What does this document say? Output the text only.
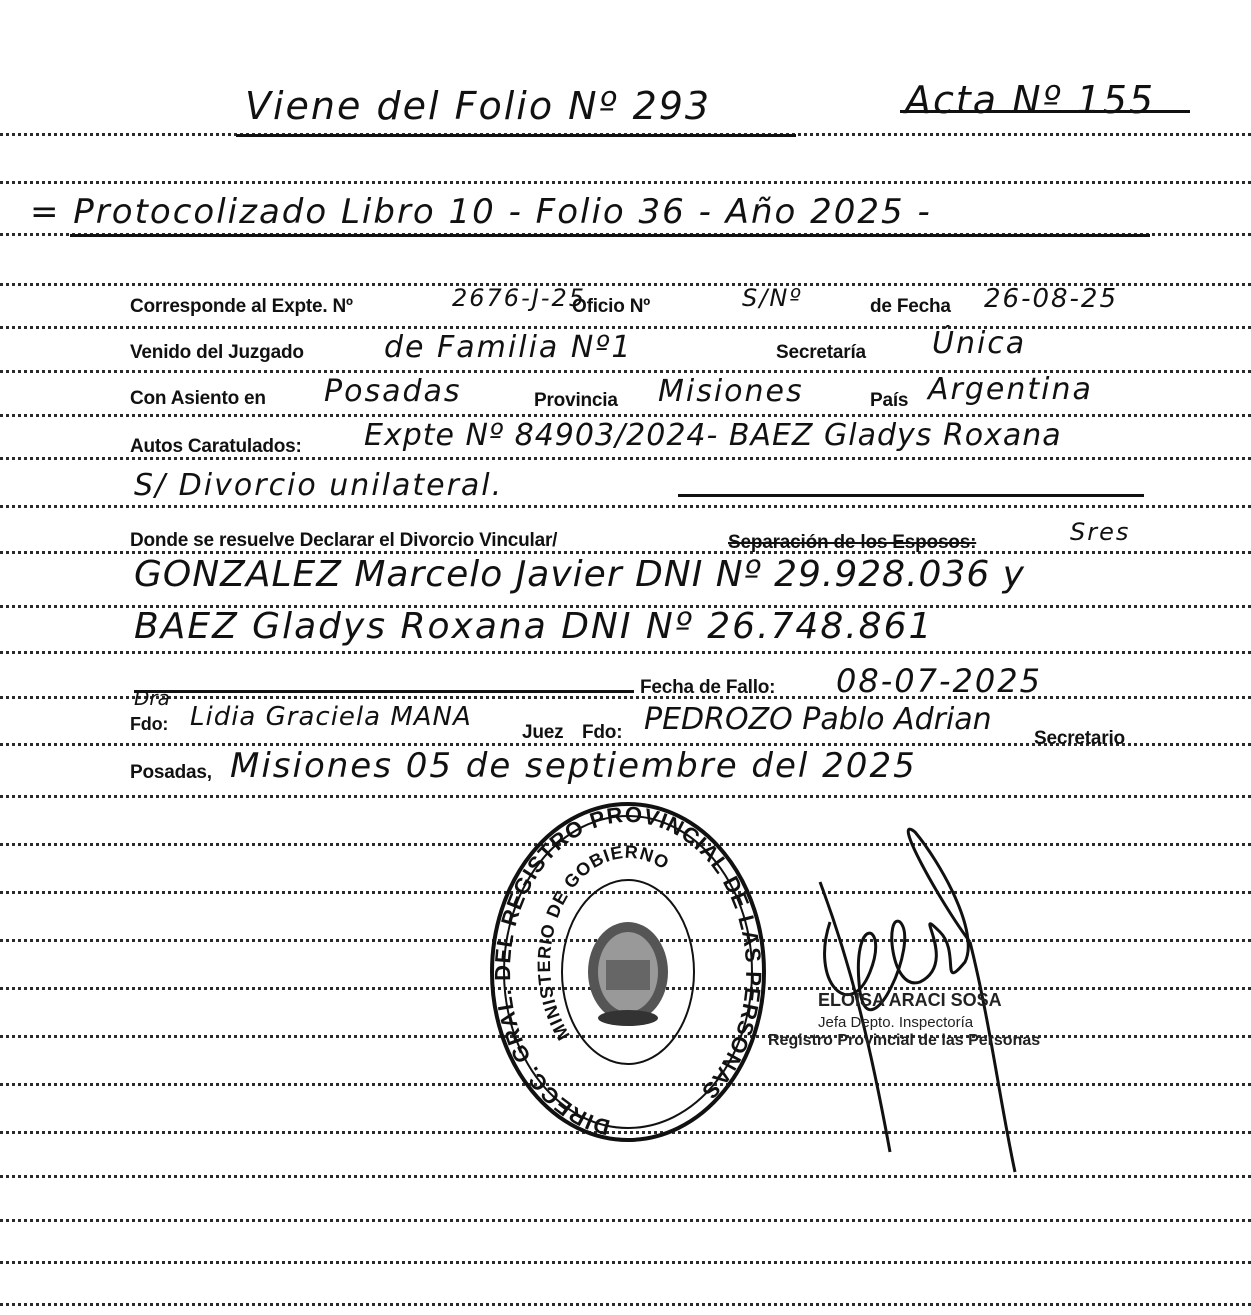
Viene del Folio Nº 293	Acta Nº 155
= Protocolizado Libro 10 - Folio 36 - Año 2025 -
Corresponde al Expte. Nº	2676-J-25
Oficio Nº	S/Nº	de Fecha 26-08-25
Venido del Juzgado	de Familia Nº1	Secretaría Única
Con Asiento en Posadas	Provincia Misiones	País Argentina
Autos Caratulados: Expte Nº 84903/2024- BAEZ Gladys Roxana
S/ Divorcio unilateral.
Donde se resuelve Declarar el Divorcio Vincular/	Separación de los Esposos:	Sres
GONZALEZ Marcelo Javier DNI Nº 29.928.036 y
BAEZ Gladys Roxana DNI Nº 26.748.861
Fecha de Fallo: 08-07-2025
Dra
Fdo: Lidia Graciela MANA
Juez Fdo: PEDROZO Pablo Adrian
Secretario
Posadas, Misiones 05 de septiembre del 2025
DIRECC. GRAL. DEL REGISTRO PROVINCIAL DE LAS PERSONAS
MINISTERIO DE GOBIERNO
ELOISA ARACI SOSA
Jefa Depto. Inspectoría
Registro Provincial de las Personas
